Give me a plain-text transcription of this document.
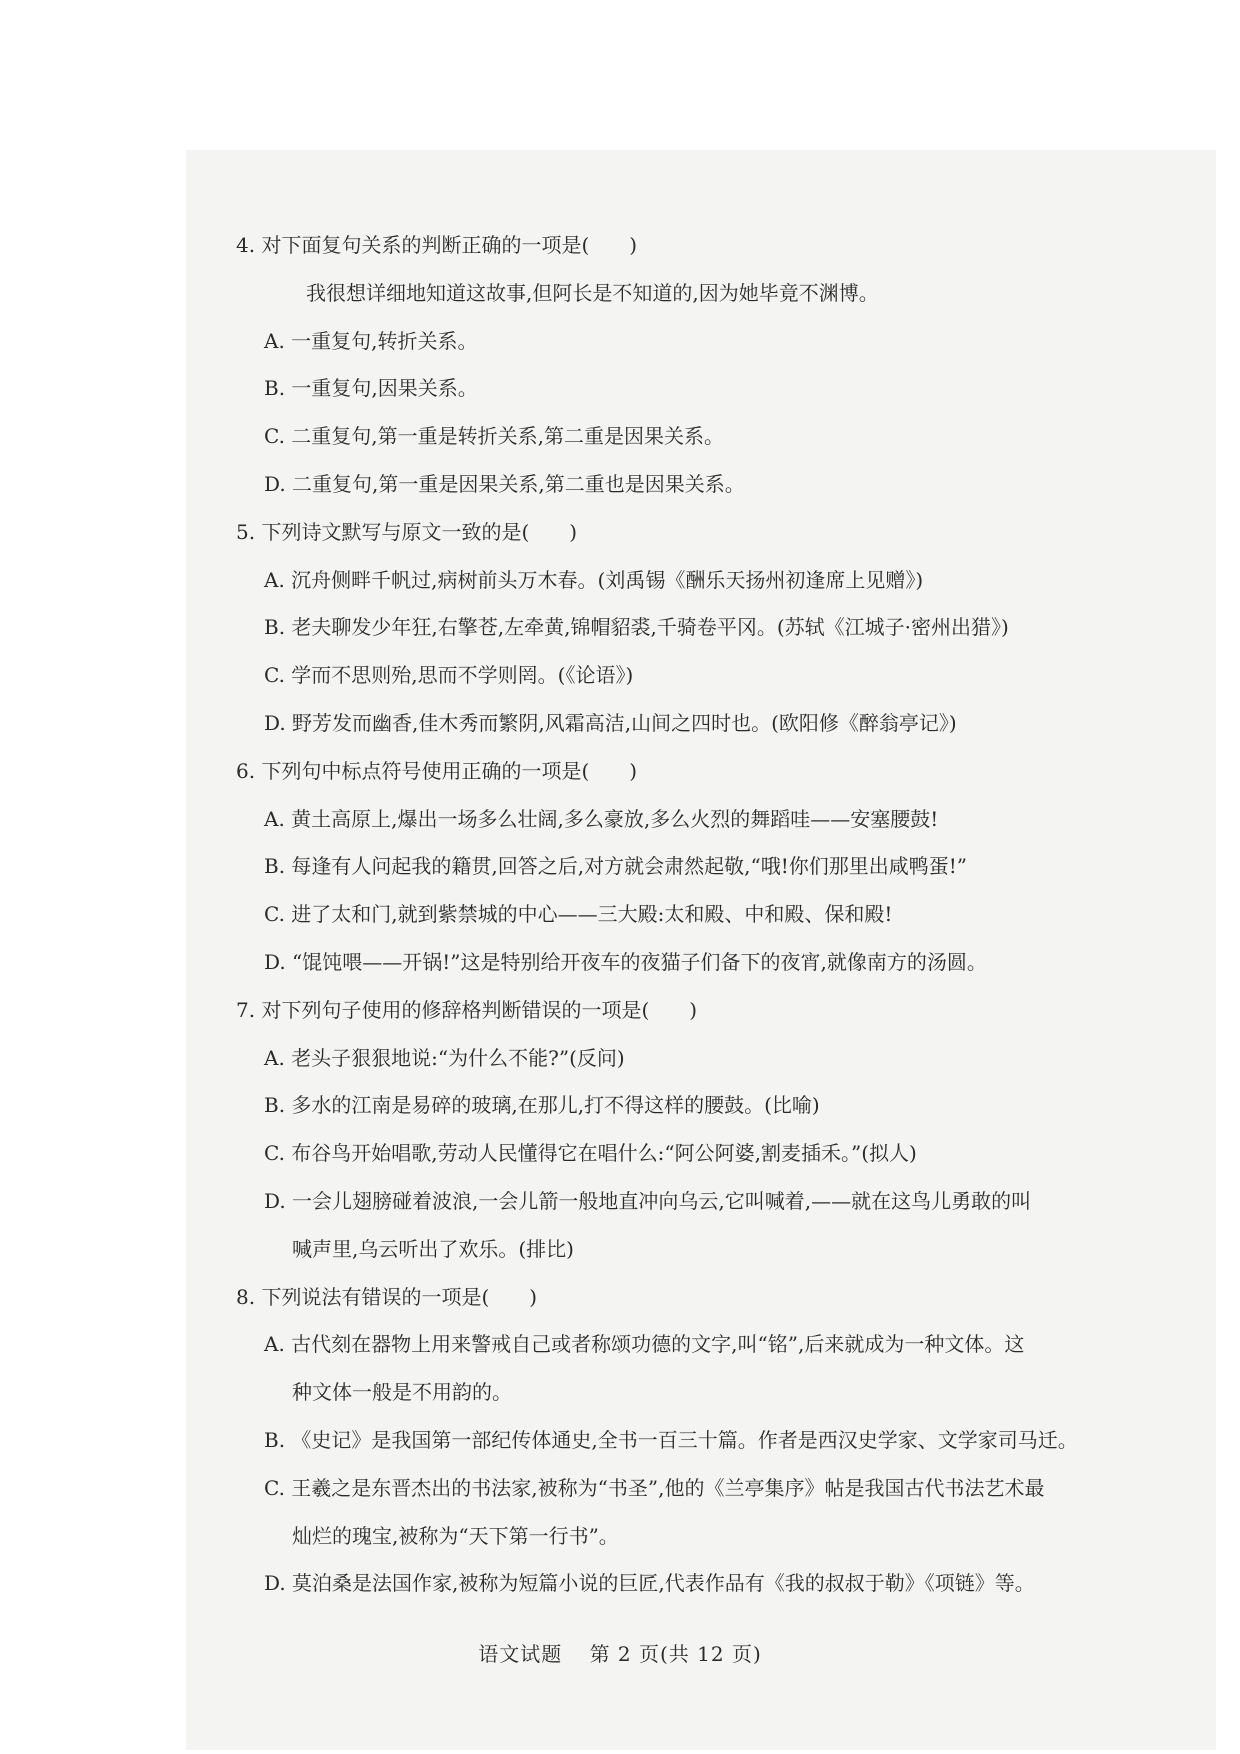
4. 对下面复句关系的判断正确的一项是(　　)
我很想详细地知道这故事,但阿长是不知道的,因为她毕竟不渊博。
A. 一重复句,转折关系。
B. 一重复句,因果关系。
C. 二重复句,第一重是转折关系,第二重是因果关系。
D. 二重复句,第一重是因果关系,第二重也是因果关系。
5. 下列诗文默写与原文一致的是(　　)
A. 沉舟侧畔千帆过,病树前头万木春。(刘禹锡《酬乐天扬州初逢席上见赠》)
B. 老夫聊发少年狂,右擎苍,左牵黄,锦帽貂裘,千骑卷平冈。(苏轼《江城子·密州出猎》)
C. 学而不思则殆,思而不学则罔。(《论语》)
D. 野芳发而幽香,佳木秀而繁阴,风霜高洁,山间之四时也。(欧阳修《醉翁亭记》)
6. 下列句中标点符号使用正确的一项是(　　)
A. 黄土高原上,爆出一场多么壮阔,多么豪放,多么火烈的舞蹈哇——安塞腰鼓!
B. 每逢有人问起我的籍贯,回答之后,对方就会肃然起敬,“哦!你们那里出咸鸭蛋!”
C. 进了太和门,就到紫禁城的中心——三大殿:太和殿、中和殿、保和殿!
D. “馄饨喂——开锅!”这是特别给开夜车的夜猫子们备下的夜宵,就像南方的汤圆。
7. 对下列句子使用的修辞格判断错误的一项是(　　)
A. 老头子狠狠地说:“为什么不能?”(反问)
B. 多水的江南是易碎的玻璃,在那儿,打不得这样的腰鼓。(比喻)
C. 布谷鸟开始唱歌,劳动人民懂得它在唱什么:“阿公阿婆,割麦插禾。”(拟人)
D. 一会儿翅膀碰着波浪,一会儿箭一般地直冲向乌云,它叫喊着,——就在这鸟儿勇敢的叫
喊声里,乌云听出了欢乐。(排比)
8. 下列说法有错误的一项是(　　)
A. 古代刻在器物上用来警戒自己或者称颂功德的文字,叫“铭”,后来就成为一种文体。这
种文体一般是不用韵的。
B. 《史记》是我国第一部纪传体通史,全书一百三十篇。作者是西汉史学家、文学家司马迁。
C. 王羲之是东晋杰出的书法家,被称为“书圣”,他的《兰亭集序》帖是我国古代书法艺术最
灿烂的瑰宝,被称为“天下第一行书”。
D. 莫泊桑是法国作家,被称为短篇小说的巨匠,代表作品有《我的叔叔于勒》《项链》等。
语文试题 第 2 页(共 12 页)
